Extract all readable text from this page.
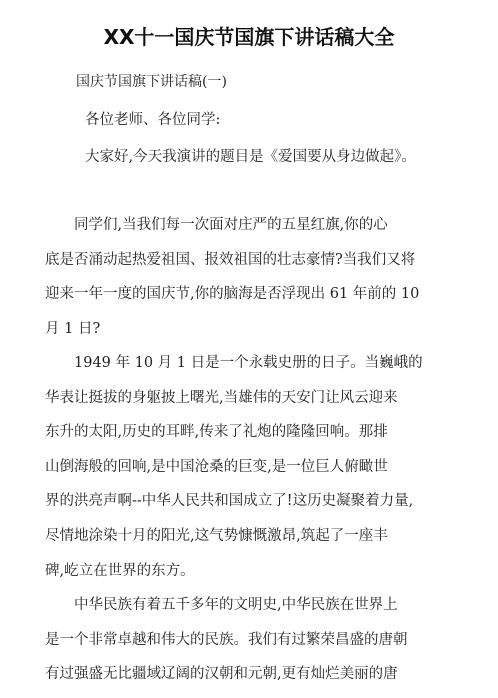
XX十一国庆节国旗下讲话稿大全

国庆节国旗下讲话稿(一)

各位老师、各位同学:

大家好,今天我演讲的题目是《爱国要从身边做起》。

　　同学们,当我们每一次面对庄严的五星红旗,你的心
底是否涌动起热爱祖国、报效祖国的壮志豪情?当我们又将
迎来一年一度的国庆节,你的脑海是否浮现出 61 年前的 10
月 1 日?

　　1949 年 10 月 1 日是一个永载史册的日子。当巍峨的
华表让挺拔的身躯披上曙光,当雄伟的天安门让风云迎来
东升的太阳,历史的耳畔,传来了礼炮的隆隆回响。那排
山倒海般的回响,是中国沧桑的巨变,是一位巨人俯瞰世
界的洪亮声啊--中华人民共和国成立了!这历史凝聚着力量,
尽情地涂染十月的阳光,这气势慷慨激昂,筑起了一座丰
碑,屹立在世界的东方。

　　中华民族有着五千多年的文明史,中华民族在世界上
是一个非常卓越和伟大的民族。我们有过繁荣昌盛的唐朝
有过强盛无比疆域辽阔的汉朝和元朝,更有灿烂美丽的唐
